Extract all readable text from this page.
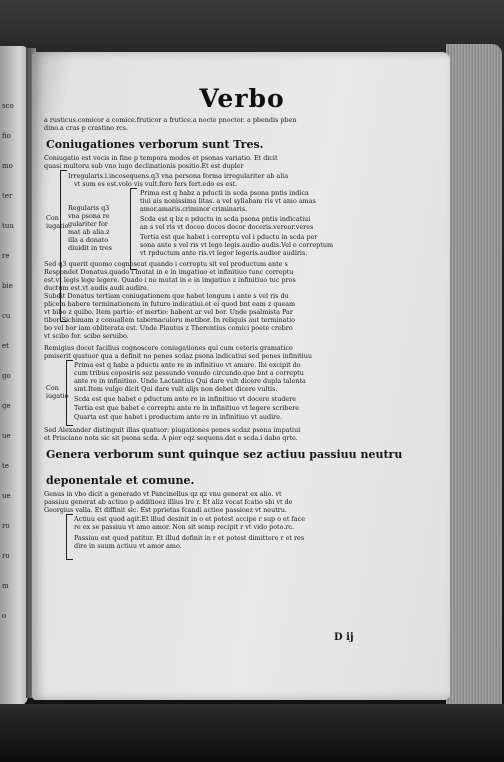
sco
fio
mo
ter
tuu
re
bie
cu
et
go
ge
ue
te
ue
ro
ro
m
o
Verbo
a rusticus.comicor a comice.fruticor a frutice.a nocte pnoctor. a pbendis pben
dino.a cras p crastino rcs.
Coniugationes verborum sunt Tres.
Coniugatio est vocis in fine p tempora modos et psonas variatio. Et dicit
quasi multoru sub vno iugo declinationis positio.Et est dupler
Irregularis.i.incosequens.q3 vna persona forma irregulariter ab alia
vt sum es est.volo vis vult.fero fers fert.edo es est.
Con
iugatio
Regularis q3
vna psona re
gulariter for
mat ab alia.z
illa a donato
diuidit in tres
Prima est q habz a pducti in scda psona pntis indica
tiui ais nonissima litas. a vel syllabam ris vt amo amas
amor.amaris.criminor criminaris.
Scda est q bz e pductu in scda psona pntis indicatiui
an s vel ris vt doceo doces docor doceris.vereor.veres
Tertia est que habet i correptu vel i pductu in scda per
sona ante s vel ris vt lego legis.audio audis.Vel e correptum
vt rpductum ante ris.vt legor legeris.audior audiris.
Sed q3 querit quomo cognoscat quando i correptu sit vel productum ante s
Respondet Donatus.quado i mutat in e in imgatiuo et infinitiuo tunc correptu
est.vt legis lege legere. Quado i no mutat in e in imgatiuo z infinitiuo tuc pros
ductum est.vt audis audi audire.
Subdit Donatus tertiam coniugationem que habet longum i ante s vel ris du
plicem habere terminationem in futuro indicatiui.et ei quod bnt eam z queam
vt bibo z quibo. Item partio: et mertio: habent ar vel bor. Unde psalmista Par
tibor Sichimam z conuallem tabernaculoru metibor. In reliquis aut terminatio
bo vel bor iam obliterata est. Unde Plautus z Therentius comici poete crebro
vt scibo for. scibo seruibo.
Remigius docet facilius cognoscere coniugationes qui cum ceteris gramatice
pmiserit quatuor qua a definit no penes scdaz psona indicatiui sed penes infinitiuu
Con
iugatio
Prima est q habz a pductu ante re in infinitiuo vt amare. Ibi excipit do
cum tribus coposiris sez pessundo venudo circundo.que bnt a correptu
ante re in infinitiuo. Unde Lactantius Qui dare vult dicere dupla talenta
sint.Item vulgo dicit Qui dare vult alijs non debet dicere vultis.
Scda est que habet e pductum ante re in infinitiuo vt docere studere
Tertia est que habet e correptu ante re in infinitiuo vt legere scribere
Quarta est que habet i productum ante re in infinitiuo vt audire.
Sed Alexander distinguit illas quatuor: piugationes penes scdaz psona impatiui
et Prisciano nota sic sit psona scda. A pior eqz sequens.dat e scda.i dabo qrte.
Genera verborum sunt quinque sez actiuu passiuu neutru
deponentale et comune.
Genus in vbo dicit a generado vt Pancinellus qz qz vnu generat ex alio. vt
passiuu generat ab actiuo p additioez illius lre r. Et aliz vocat fcatio sbi vt de
Georgius valla. Et diffinit sic. Est pprietas fcandi actioe passioez vt neutru.
Actiuu est quod agit.Et illud desinit in o et potest accipe r sup o et face
re ex se passiuu vt amo amor. Non sit semp recipit r vt vido poto.rc.
Passiuu est quod patitur. Et illud definit in r et potest dimittere r et res
dire in suum actiuu vt amor amo.
D ij
